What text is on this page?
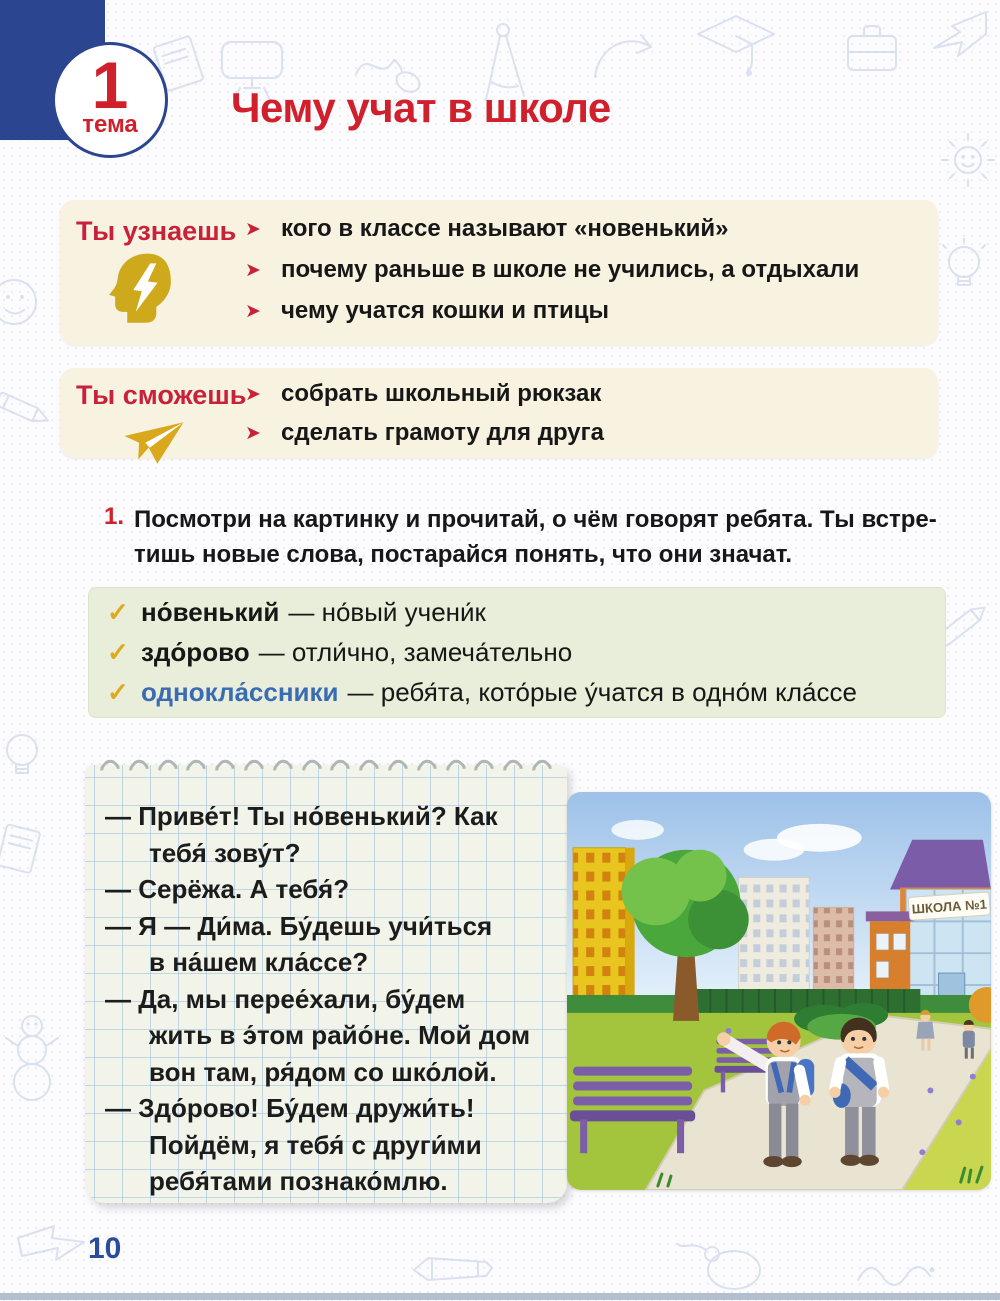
1
тема Чему учат в школе
Ты узнаешь ➤ кого в классе называют «новенький»
➤ почему раньше в школе не учились, а отдыхали
➤ чему учатся кошки и птицы
Ты сможешь
➤ собрать школьный рюкзак
➤ сделать грамоту для друга
1. Посмотри на картинку и прочитай, о чём говорят ребята. Ты встре-
тишь новые слова, постарайся понять, что они значат.
✓ но́венький — но́вый учени́к
✓ здо́рово — отли́чно, замеча́тельно
✓ однокла́ссники — ребя́та, кото́рые у́чатся в одно́м кла́ссе
— Приве́т! Ты но́венький? Как
тебя́ зову́т?
— Серёжа. А тебя́?
— Я — Ди́ма. Бу́дешь учи́ться
в на́шем кла́ссе?
— Да, мы перее́хали, бу́дем
жить в э́том райо́не. Мой дом
вон там, ря́дом со шко́лой.
— Здо́рово! Бу́дем дружи́ть!
Пойдём, я тебя́ с други́ми
ребя́тами познако́млю.
ШКОЛА №1
10
